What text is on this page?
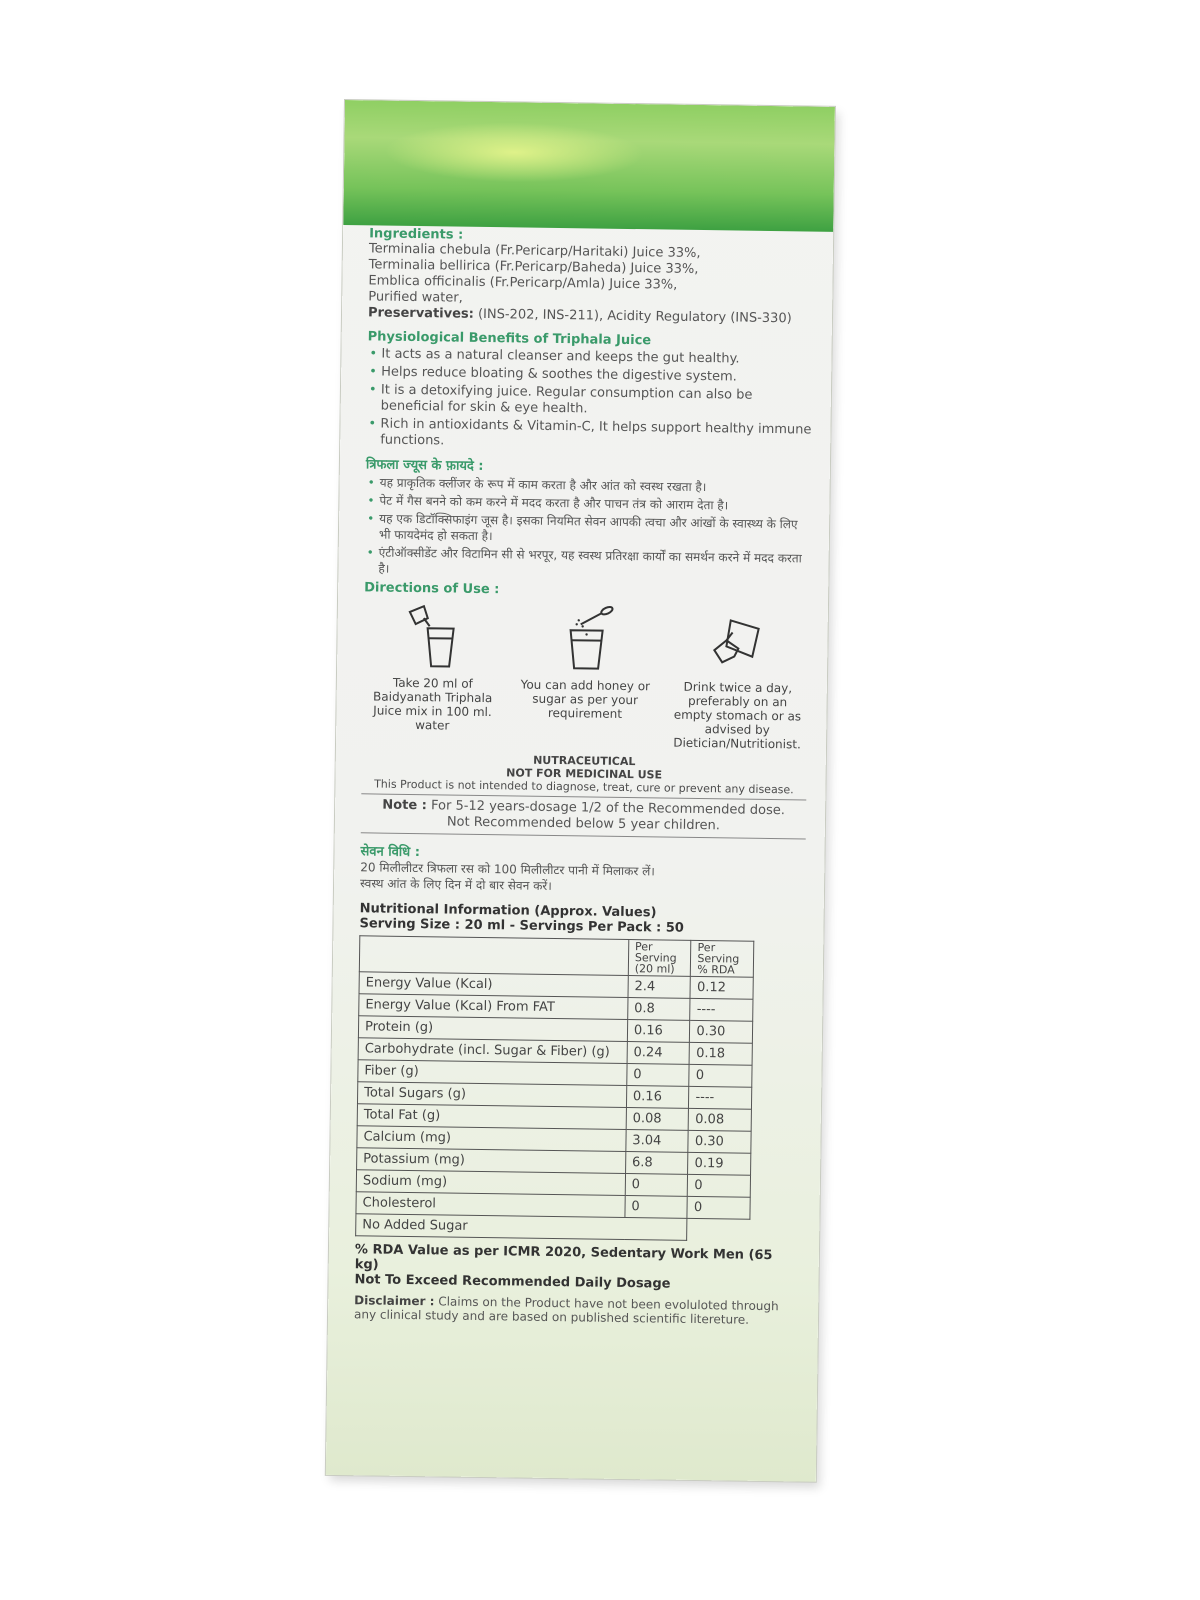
Ingredients :

Terminalia chebula (Fr.Pericarp/Haritaki) Juice 33%,

Terminalia bellirica (Fr.Pericarp/Baheda) Juice 33%,

Emblica officinalis (Fr.Pericarp/Amla) Juice 33%,

Purified water,

Preservatives: (INS-202, INS-211), Acidity Regulatory (INS-330)

Physiological Benefits of Triphala Juice

• It acts as a natural cleanser and keeps the gut healthy.
• Helps reduce bloating & soothes the digestive system.
• It is a detoxifying juice. Regular consumption can also be beneficial for skin & eye health.
• Rich in antioxidants & Vitamin-C, It helps support healthy immune functions.

त्रिफला ज्यूस के फ़ायदे :

• यह प्राकृतिक क्लींजर के रूप में काम करता है और आंत को स्वस्थ रखता है।
• पेट में गैस बनने को कम करने में मदद करता है और पाचन तंत्र को आराम देता है।
• यह एक डिटॉक्सिफाइंग जूस है। इसका नियमित सेवन आपकी त्वचा और आंखों के स्वास्थ्य के लिए भी फायदेमंद हो सकता है।
• एंटीऑक्सीडेंट और विटामिन सी से भरपूर, यह स्वस्थ प्रतिरक्षा कार्यों का समर्थन करने में मदद करता है।

Directions of Use :

Take 20 ml of Baidyanath Triphala Juice mix in 100 ml. water
You can add honey or sugar as per your requirement
Drink twice a day, preferably on an empty stomach or as advised by Dietician/Nutritionist.
NUTRACEUTICAL
NOT FOR MEDICINAL USE
This Product is not intended to diagnose, treat, cure or prevent any disease.
Note : For 5-12 years-dosage 1/2 of the Recommended dose.
Not Recommended below 5 year children.

सेवन विधि :

20 मिलीलीटर त्रिफला रस को 100 मिलीलीटर पानी में मिलाकर लें।

स्वस्थ आंत के लिए दिन में दो बार सेवन करें।

Nutritional Information (Approx. Values)
Serving Size : 20 ml - Servings Per Pack : 50
	Per Serving (20 ml)	Per Serving % RDA
Energy Value (Kcal)	2.4	0.12
Energy Value (Kcal) From FAT	0.8	----
Protein (g)	0.16	0.30
Carbohydrate (incl. Sugar & Fiber) (g)	0.24	0.18
Fiber (g)	0	0
Total Sugars (g)	0.16	----
Total Fat (g)	0.08	0.08
Calcium (mg)	3.04	0.30
Potassium (mg)	6.8	0.19
Sodium (mg)	0	0
Cholesterol	0	0
No Added Sugar		
% RDA Value as per ICMR 2020, Sedentary Work Men (65 kg)
Not To Exceed Recommended Daily Dosage
Disclaimer : Claims on the Product have not been evoluloted through any clinical study and are based on published scientific litereture.
